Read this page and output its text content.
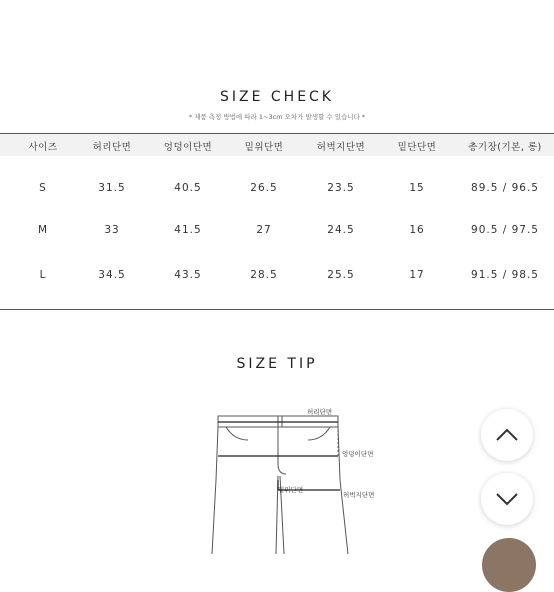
SIZE CHECK
* 제품 측정 방법에 따라 1~3cm 오차가 발생할 수 있습니다 *
사이즈	허리단면	엉덩이단면	밑위단면	허벅지단면	밑단단면	총기장(기본, 롱)
S	31.5	40.5	26.5	23.5	15	89.5 / 96.5
M	33	41.5	27	24.5	16	90.5 / 97.5
L	34.5	43.5	28.5	25.5	17	91.5 / 98.5
SIZE TIP
허리단면
엉덩이단면
밑위단면
허벅지단면
